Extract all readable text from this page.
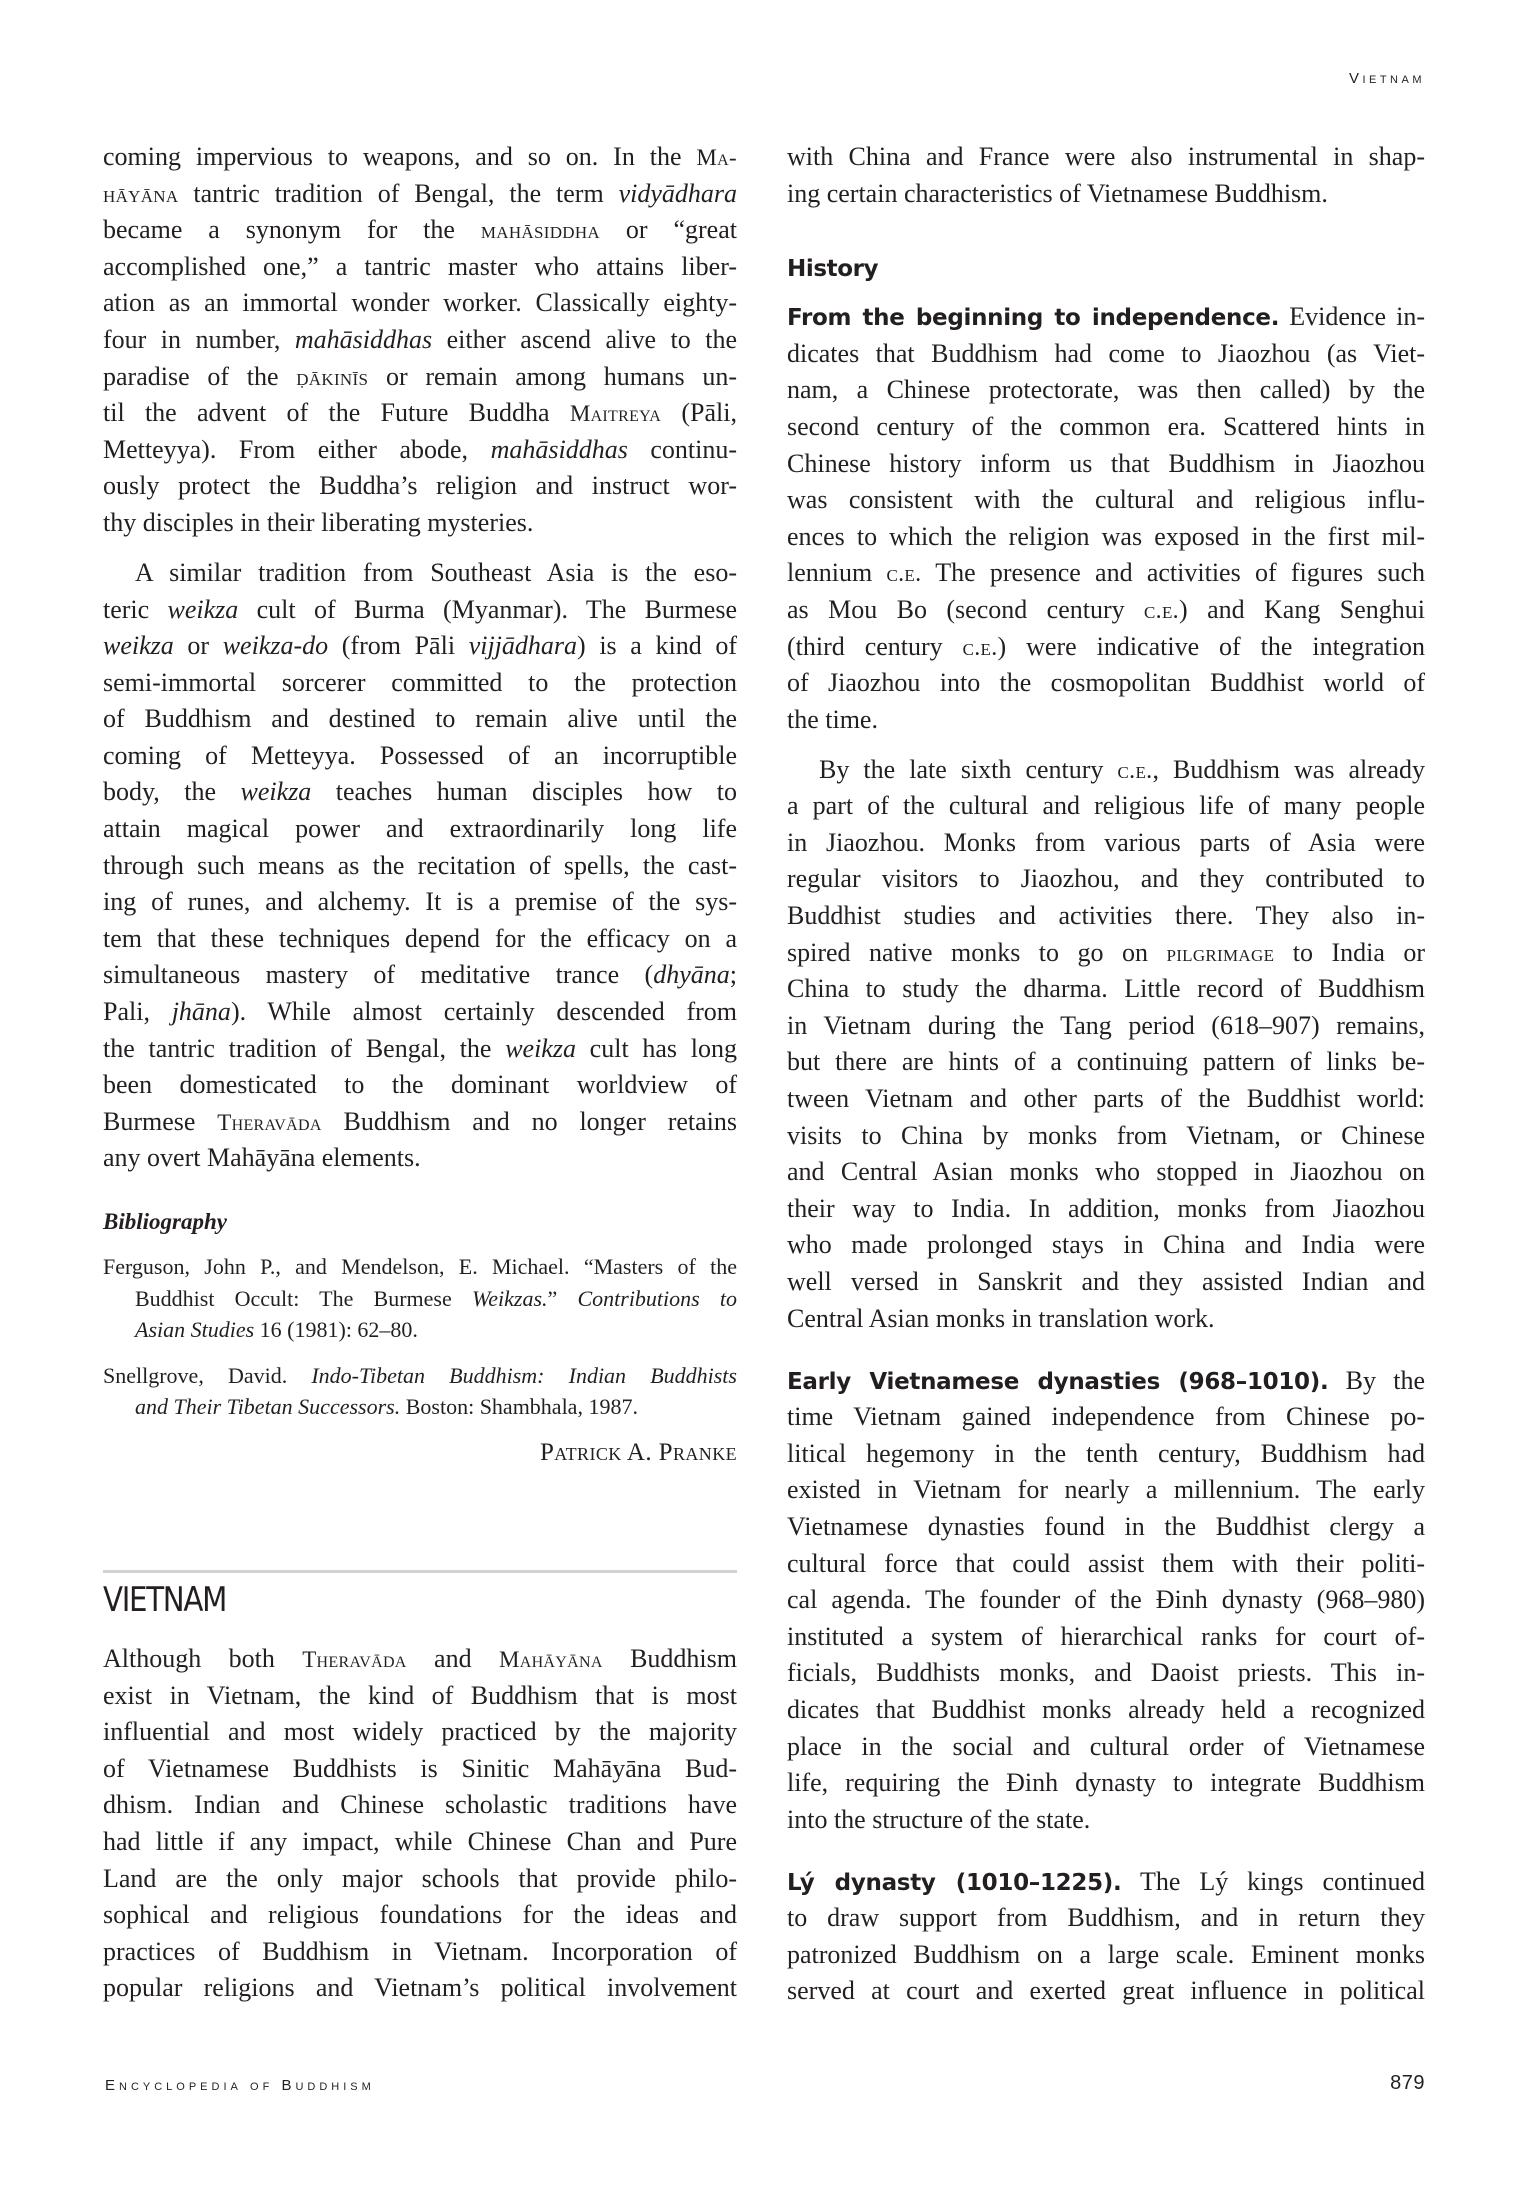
Vietnam
coming impervious to weapons, and so on. In the Ma-
hāyāna tantric tradition of Bengal, the term vidyādhara
became a synonym for the mahāsiddha or “great
accomplished one,” a tantric master who attains liber-
ation as an immortal wonder worker. Classically eighty-
four in number, mahāsiddhas either ascend alive to the
paradise of the ḍākinīs or remain among humans un-
til the advent of the Future Buddha Maitreya (Pāli,
Metteyya). From either abode, mahāsiddhas continu-
ously protect the Buddha’s religion and instruct wor-
thy disciples in their liberating mysteries.
A similar tradition from Southeast Asia is the eso-
teric weikza cult of Burma (Myanmar). The Burmese
weikza or weikza-do (from Pāli vijjādhara) is a kind of
semi-immortal sorcerer committed to the protection
of Buddhism and destined to remain alive until the
coming of Metteyya. Possessed of an incorruptible
body, the weikza teaches human disciples how to
attain magical power and extraordinarily long life
through such means as the recitation of spells, the cast-
ing of runes, and alchemy. It is a premise of the sys-
tem that these techniques depend for the efficacy on a
simultaneous mastery of meditative trance (dhyāna;
Pali, jhāna). While almost certainly descended from
the tantric tradition of Bengal, the weikza cult has long
been domesticated to the dominant worldview of
Burmese Theravāda Buddhism and no longer retains
any overt Mahāyāna elements.
Bibliography
Ferguson, John P., and Mendelson, E. Michael. “Masters of the
Buddhist Occult: The Burmese Weikzas.” Contributions to
Asian Studies 16 (1981): 62–80.
Snellgrove, David. Indo-Tibetan Buddhism: Indian Buddhists
and Their Tibetan Successors. Boston: Shambhala, 1987.
Patrick A. Pranke
VIETNAM
Although both Theravāda and Mahāyāna Buddhism
exist in Vietnam, the kind of Buddhism that is most
influential and most widely practiced by the majority
of Vietnamese Buddhists is Sinitic Mahāyāna Bud-
dhism. Indian and Chinese scholastic traditions have
had little if any impact, while Chinese Chan and Pure
Land are the only major schools that provide philo-
sophical and religious foundations for the ideas and
practices of Buddhism in Vietnam. Incorporation of
popular religions and Vietnam’s political involvement
with China and France were also instrumental in shap-
ing certain characteristics of Vietnamese Buddhism.
History
From the beginning to independence. Evidence in-
dicates that Buddhism had come to Jiaozhou (as Viet-
nam, a Chinese protectorate, was then called) by the
second century of the common era. Scattered hints in
Chinese history inform us that Buddhism in Jiaozhou
was consistent with the cultural and religious influ-
ences to which the religion was exposed in the first mil-
lennium c.e. The presence and activities of figures such
as Mou Bo (second century c.e.) and Kang Senghui
(third century c.e.) were indicative of the integration
of Jiaozhou into the cosmopolitan Buddhist world of
the time.
By the late sixth century c.e., Buddhism was already
a part of the cultural and religious life of many people
in Jiaozhou. Monks from various parts of Asia were
regular visitors to Jiaozhou, and they contributed to
Buddhist studies and activities there. They also in-
spired native monks to go on pilgrimage to India or
China to study the dharma. Little record of Buddhism
in Vietnam during the Tang period (618–907) remains,
but there are hints of a continuing pattern of links be-
tween Vietnam and other parts of the Buddhist world:
visits to China by monks from Vietnam, or Chinese
and Central Asian monks who stopped in Jiaozhou on
their way to India. In addition, monks from Jiaozhou
who made prolonged stays in China and India were
well versed in Sanskrit and they assisted Indian and
Central Asian monks in translation work.
Early Vietnamese dynasties (968–1010). By the
time Vietnam gained independence from Chinese po-
litical hegemony in the tenth century, Buddhism had
existed in Vietnam for nearly a millennium. The early
Vietnamese dynasties found in the Buddhist clergy a
cultural force that could assist them with their politi-
cal agenda. The founder of the Đinh dynasty (968–980)
instituted a system of hierarchical ranks for court of-
ficials, Buddhists monks, and Daoist priests. This in-
dicates that Buddhist monks already held a recognized
place in the social and cultural order of Vietnamese
life, requiring the Đinh dynasty to integrate Buddhism
into the structure of the state.
Lý dynasty (1010–1225). The Lý kings continued
to draw support from Buddhism, and in return they
patronized Buddhism on a large scale. Eminent monks
served at court and exerted great influence in political
Encyclopedia of Buddhism	879
